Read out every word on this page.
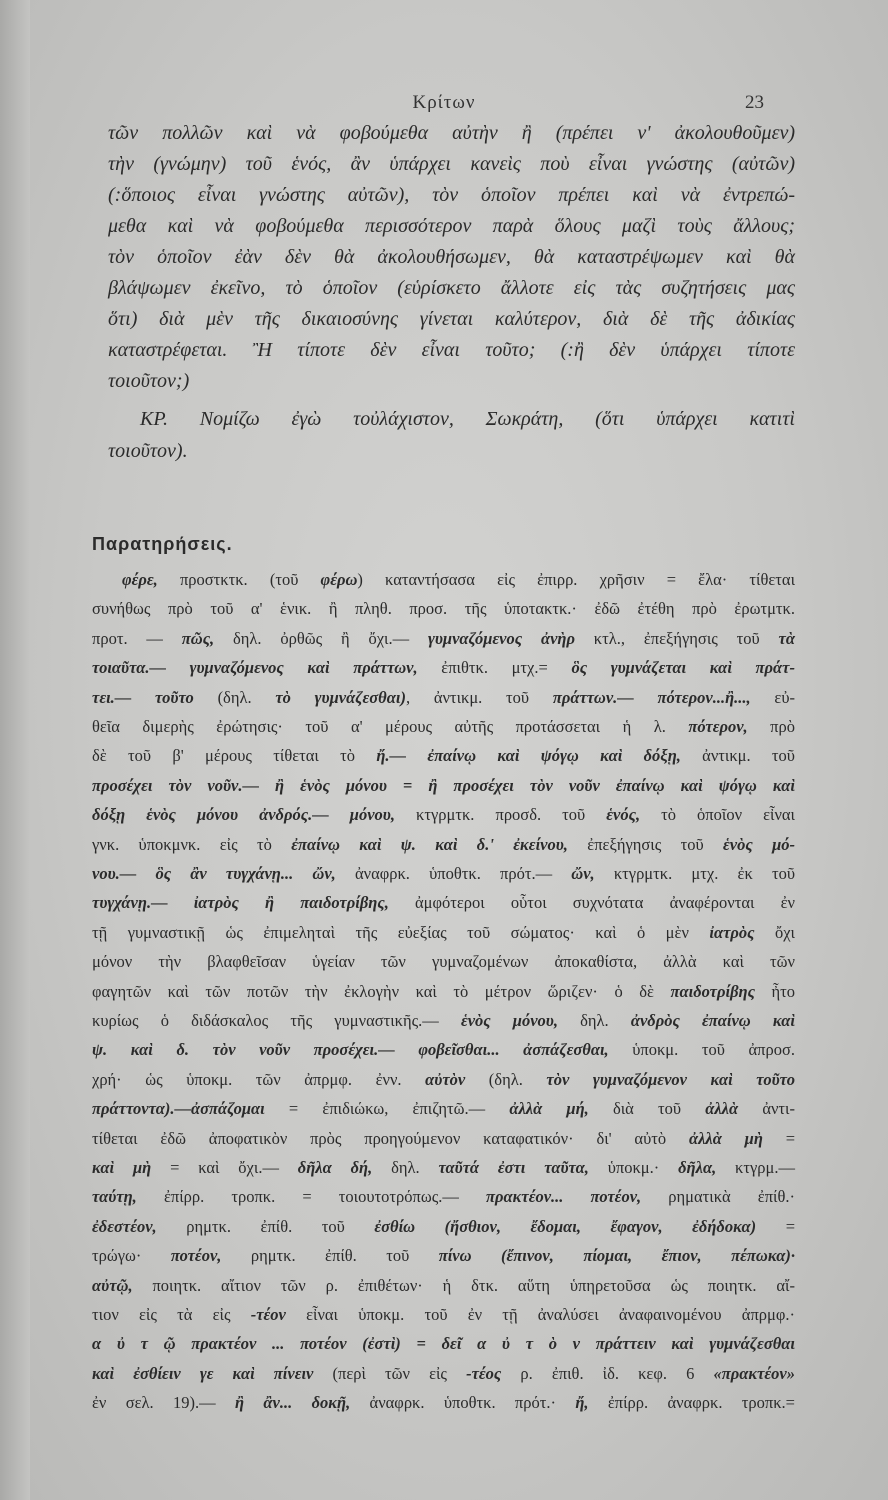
Κρίτων	23
τῶν πολλῶν καὶ νὰ φοβούμεθα αὐτὴν ἢ (πρέπει ν' ἀκολουθοῦμεν)
τὴν (γνώμην) τοῦ ἑνός, ἂν ὑπάρχει κανεὶς ποὺ εἶναι γνώστης (αὐτῶν)
(:ὅποιος εἶναι γνώστης αὐτῶν), τὸν ὁποῖον πρέπει καὶ νὰ ἐντρεπώ-
μεθα καὶ νὰ φοβούμεθα περισσότερον παρὰ ὅλους μαζὶ τοὺς ἄλλους;
τὸν ὁποῖον ἐὰν δὲν θὰ ἀκολουθήσωμεν, θὰ καταστρέψωμεν καὶ θὰ
βλάψωμεν ἐκεῖνο, τὸ ὁποῖον (εὑρίσκετο ἄλλοτε εἰς τὰς συζητήσεις μας
ὅτι) διὰ μὲν τῆς δικαιοσύνης γίνεται καλύτερον, διὰ δὲ τῆς ἀδικίας
καταστρέφεται. Ἢ τίποτε δὲν εἶναι τοῦτο; (:ἢ δὲν ὑπάρχει τίποτε
τοιοῦτον;)
ΚΡ. Νομίζω ἐγὼ τοὐλάχιστον, Σωκράτη, (ὅτι ὑπάρχει κατιτὶ
τοιοῦτον).
Παρατηρήσεις.
φέρε, προστκτκ. (τοῦ φέρω) καταντήσασα εἰς ἐπιρρ. χρῆσιν = ἔλα· τίθεται
συνήθως πρὸ τοῦ α' ἑνικ. ἢ πληθ. προσ. τῆς ὑποτακτκ.· ἐδῶ ἐτέθη πρὸ ἐρωτμτκ.
προτ. — πῶς, δηλ. ὀρθῶς ἢ ὄχι.— γυμναζόμενος ἀνὴρ κτλ., ἐπεξήγησις τοῦ τὰ
τοιαῦτα.— γυμναζόμενος καὶ πράττων, ἐπιθτκ. μτχ.= ὃς γυμνάζεται καὶ πράτ-
τει.— τοῦτο (δηλ. τὸ γυμνάζεσθαι), ἀντικμ. τοῦ πράττων.— πότερον...ἢ..., εὐ-
θεῖα διμερὴς ἐρώτησις· τοῦ α' μέρους αὐτῆς προτάσσεται ἡ λ. πότερον, πρὸ
δὲ τοῦ β' μέρους τίθεται τὸ ἤ.— ἐπαίνῳ καὶ ψόγῳ καὶ δόξῃ, ἀντικμ. τοῦ
προσέχει τὸν νοῦν.— ἢ ἑνὸς μόνου = ἢ προσέχει τὸν νοῦν ἐπαίνῳ καὶ ψόγῳ καὶ
δόξῃ ἑνὸς μόνου ἀνδρός.— μόνου, κτγρμτκ. προσδ. τοῦ ἑνός, τὸ ὁποῖον εἶναι
γνκ. ὑποκμνκ. εἰς τὸ ἐπαίνῳ καὶ ψ. καὶ δ.' ἐκείνου, ἐπεξήγησις τοῦ ἑνὸς μό-
νου.— ὃς ἂν τυγχάνῃ... ὤν, ἀναφρκ. ὑποθτκ. πρότ.— ὤν, κτγρμτκ. μτχ. ἐκ τοῦ
τυγχάνῃ.— ἰατρὸς ἢ παιδοτρίβης, ἀμφότεροι οὗτοι συχνότατα ἀναφέρονται ἐν
τῇ γυμναστικῇ ὡς ἐπιμεληταὶ τῆς εὐεξίας τοῦ σώματος· καὶ ὁ μὲν ἰατρὸς ὄχι
μόνον τὴν βλαφθεῖσαν ὑγείαν τῶν γυμναζομένων ἀποκαθίστα, ἀλλὰ καὶ τῶν
φαγητῶν καὶ τῶν ποτῶν τὴν ἐκλογὴν καὶ τὸ μέτρον ὥριζεν· ὁ δὲ παιδοτρίβης ἦτο
κυρίως ὁ διδάσκαλος τῆς γυμναστικῆς.— ἑνὸς μόνου, δηλ. ἀνδρὸς ἐπαίνῳ καὶ
ψ. καὶ δ. τὸν νοῦν προσέχει.— φοβεῖσθαι... ἀσπάζεσθαι, ὑποκμ. τοῦ ἀπροσ.
χρή· ὡς ὑποκμ. τῶν ἀπρμφ. ἐνν. αὐτὸν (δηλ. τὸν γυμναζόμενον καὶ τοῦτο
πράττοντα).—ἀσπάζομαι = ἐπιδιώκω, ἐπιζητῶ.— ἀλλὰ μή, διὰ τοῦ ἀλλὰ ἀντι-
τίθεται ἐδῶ ἀποφατικὸν πρὸς προηγούμενον καταφατικόν· δι' αὐτὸ ἀλλὰ μὴ =
καὶ μὴ = καὶ ὄχι.— δῆλα δή, δηλ. ταῦτά ἐστι ταῦτα, ὑποκμ.· δῆλα, κτγρμ.—
ταύτῃ, ἐπίρρ. τροπκ. = τοιουτοτρόπως.— πρακτέον... ποτέον, ρηματικὰ ἐπίθ.·
ἐδεστέον, ρημτκ. ἐπίθ. τοῦ ἐσθίω (ἤσθιον, ἔδομαι, ἔφαγον, ἐδήδοκα) =
τρώγω· ποτέον, ρημτκ. ἐπίθ. τοῦ πίνω (ἔπινον, πίομαι, ἔπιον, πέπωκα)·
αὐτῷ, ποιητκ. αἴτιον τῶν ρ. ἐπιθέτων· ἡ δτκ. αὕτη ὑπηρετοῦσα ὡς ποιητκ. αἴ-
τιον εἰς τὰ εἰς -τέον εἶναι ὑποκμ. τοῦ ἐν τῇ ἀναλύσει ἀναφαινομένου ἀπρμφ.·
α ὐ τ ῷ πρακτέον ... ποτέον (ἐστὶ) = δεῖ α ὐ τ ὸ ν πράττειν καὶ γυμνάζεσθαι
καὶ ἐσθίειν γε καὶ πίνειν (περὶ τῶν εἰς -τέος ρ. ἐπιθ. ἰδ. κεφ. 6 «πρακτέον»
ἐν σελ. 19).— ἢ ἂν... δοκῇ, ἀναφρκ. ὑποθτκ. πρότ.· ἤ, ἐπίρρ. ἀναφρκ. τροπκ.=
